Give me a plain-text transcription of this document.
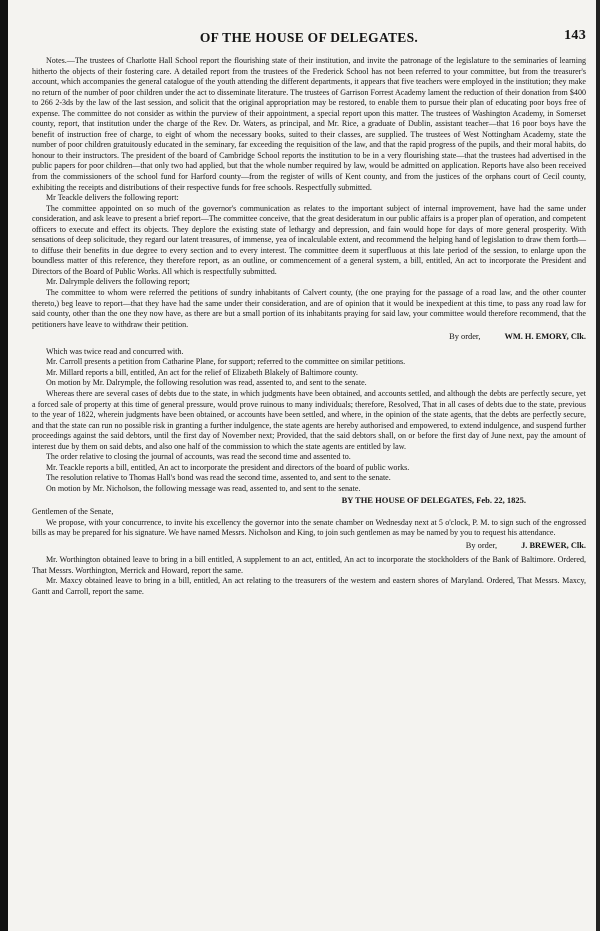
OF THE HOUSE OF DELEGATES.	143

Notes.—The trustees of Charlotte Hall School report the flourishing state of their institution, and invite the patronage of the legislature to the seminaries of learning hitherto the objects of their fostering care. A detailed report from the trustees of the Frederick School has not been referred to your committee, but from the treasurer's account, which accompanies the general catalogue of the youth attending the different departments, it appears that five teachers were employed in the institution; they make no return of the number of poor children under the act to disseminate literature. The trustees of Garrison Forrest Academy lament the reduction of their donation from $400 to 266 2-3ds by the law of the last session, and solicit that the original appropriation may be restored, to enable them to pursue their plan of educating poor boys free of expense. The committee do not consider as within the purview of their appointment, a special report upon this matter. The trustees of Washington Academy, in Somerset county, report, that institution under the charge of the Rev. Dr. Waters, as principal, and Mr. Rice, a graduate of Dublin, assistant teacher—that 16 poor boys have the benefit of instruction free of charge, to eight of whom the necessary books, suited to their classes, are supplied. The trustees of West Nottingham Academy, state the number of poor children gratuitously educated in the seminary, far exceeding the requisition of the law, and that the rapid progress of the pupils, and their moral habits, do honour to their instructors. The president of the board of Cambridge School reports the institution to be in a very flourishing state—that the trustees had advertised in the public papers for poor children—that only two had applied, but that the whole number required by law, would be admitted on application. Reports have also been received from the commissioners of the school fund for Harford county—from the register of wills of Kent county, and from the justices of the orphans court of Cecil county, exhibiting the receipts and distributions of their respective funds for free schools. Respectfully submitted.

Mr Teackle delivers the following report:

The committee appointed on so much of the governor's communication as relates to the important subject of internal improvement, have had the same under consideration, and ask leave to present a brief report—The committee conceive, that the great desideratum in our public affairs is a proper plan of operation, and competent officers to execute and effect its objects. They deplore the existing state of lethargy and depression, and fain would hope for days of more general prosperity. With sensations of deep solicitude, they regard our latent treasures, of immense, yea of incalculable extent, and recommend the helping hand of legislation to draw them forth—to diffuse their benefits in due degree to every section and to every interest. The committee deem it superfluous at this late period of the session, to enlarge upon the boundless matter of this reference, they therefore report, as an outline, or commencement of a general system, a bill, entitled, An act to incorporate the President and Directors of the Board of Public Works. All which is respectfully submitted.

Mr. Dalrymple delivers the following report;

The committee to whom were referred the petitions of sundry inhabitants of Calvert county, (the one praying for the passage of a road law, and the other counter thereto,) beg leave to report—that they have had the same under their consideration, and are of opinion that it would be inexpedient at this time, to pass any road law for said county, other than the one they now have, as there are but a small portion of its inhabitants praying for said law, your committee would therefore recommend, that the petitioners have leave to withdraw their petition.

By order,	WM. H. EMORY, Clk.

Which was twice read and concurred with.

Mr. Carroll presents a petition from Catharine Plane, for support; referred to the committee on similar petitions.

Mr. Millard reports a bill, entitled, An act for the relief of Elizabeth Blakely of Baltimore county.

On motion by Mr. Dalrymple, the following resolution was read, assented to, and sent to the senate.

Whereas there are several cases of debts due to the state, in which judgments have been obtained, and accounts settled, and although the debts are perfectly secure, yet a forced sale of property at this time of general pressure, would prove ruinous to many individuals; therefore, Resolved, That in all cases of debts due to the state, previous to the year of 1822, wherein judgments have been obtained, or accounts have been settled, and where, in the opinion of the state agents, that the debts are perfectly secure, and that the state can run no possible risk in granting a further indulgence, the state agents are hereby authorised and empowered, to extend indulgence, and suspend further proceedings against the said debtors, until the first day of November next; Provided, that the said debtors shall, on or before the first day of June next, pay the amount of interest due by them on said debts, and also one half of the commission to which the state agents are entitled by law.

The order relative to closing the journal of accounts, was read the second time and assented to.

Mr. Teackle reports a bill, entitled, An act to incorporate the president and directors of the board of public works.

The resolution relative to Thomas Hall's bond was read the second time, assented to, and sent to the senate.

On motion by Mr. Nicholson, the following message was read, assented to, and sent to the senate.

BY THE HOUSE OF DELEGATES, Feb. 22, 1825.

Gentlemen of the Senate,

We propose, with your concurrence, to invite his excellency the governor into the senate chamber on Wednesday next at 5 o'clock, P. M. to sign such of the engrossed bills as may be prepared for his signature. We have named Messrs. Nicholson and King, to join such gentlemen as may be named by you to request his attendance.

By order,	J. BREWER, Clk.

Mr. Worthington obtained leave to bring in a bill entitled, A supplement to an act, entitled, An act to incorporate the stockholders of the Bank of Baltimore. Ordered, That Messrs. Worthington, Merrick and Howard, report the same.

Mr. Maxcy obtained leave to bring in a bill, entitled, An act relating to the treasurers of the western and eastern shores of Maryland. Ordered, That Messrs. Maxcy, Gantt and Carroll, report the same.
